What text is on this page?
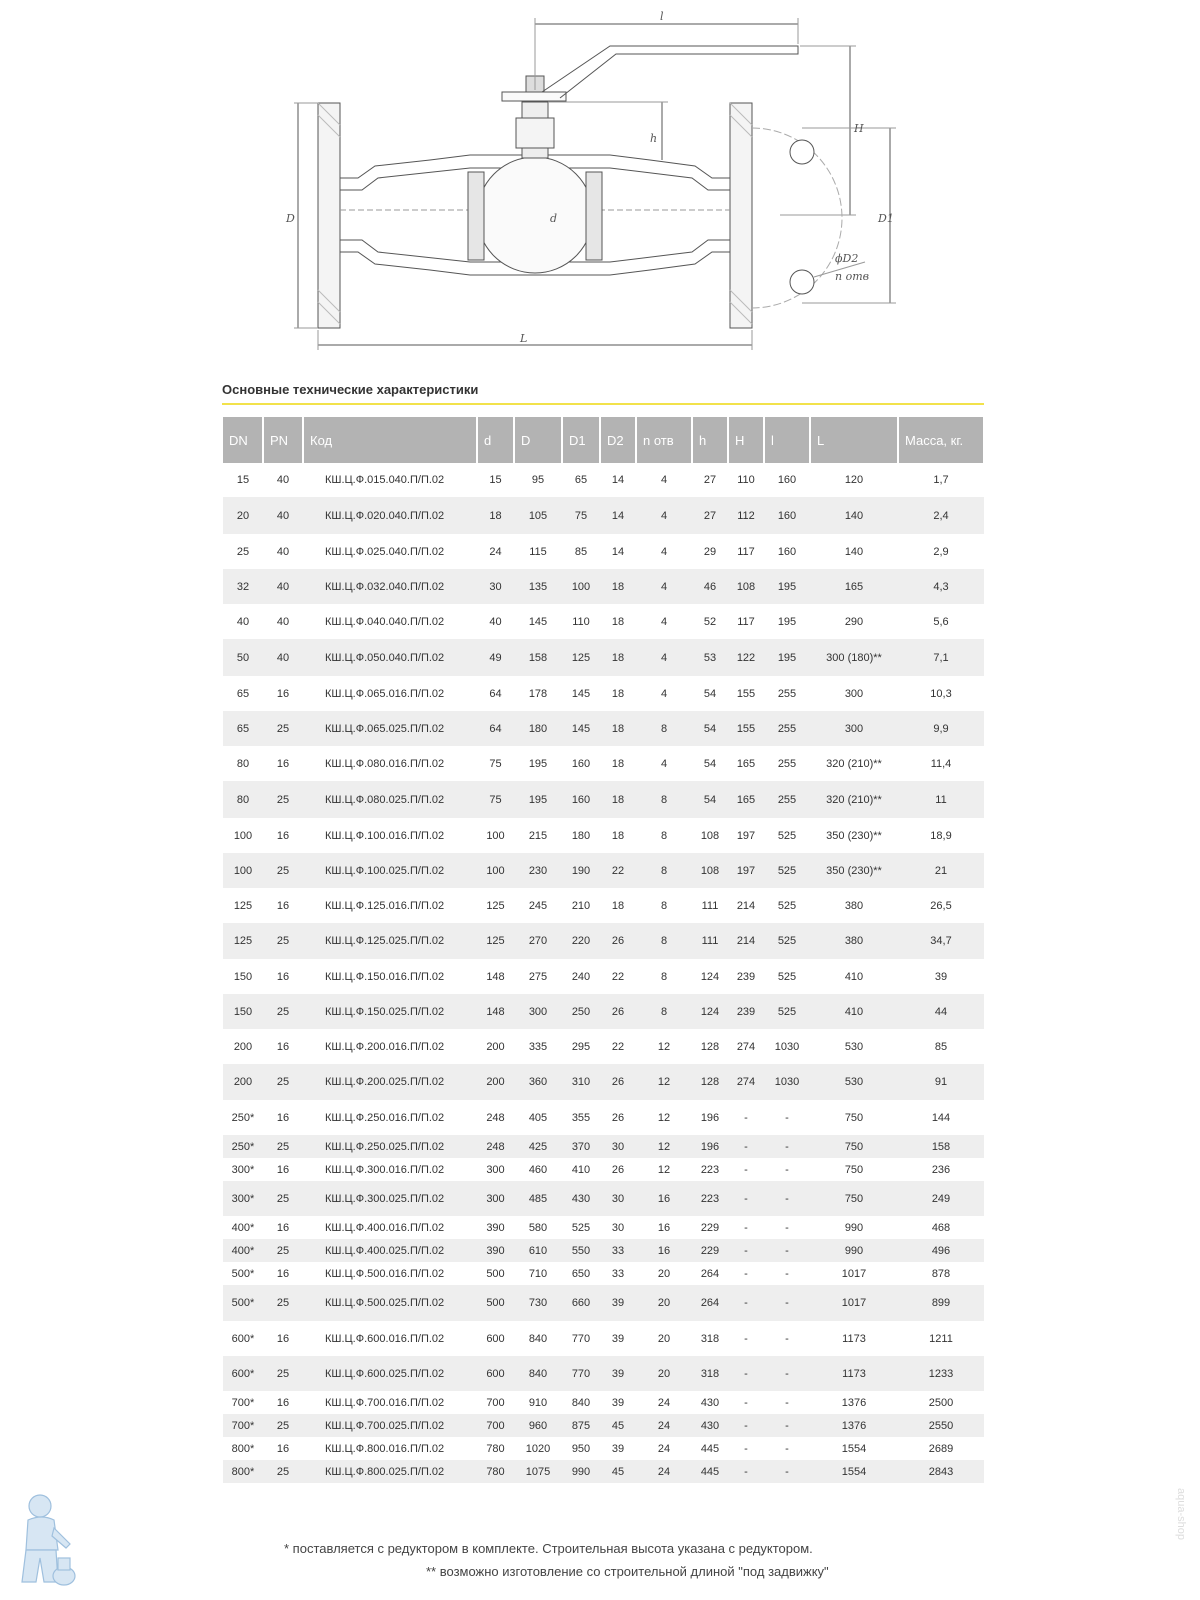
l
L
D	d
h
H
D1
ϕD2
n отв
Основные технические характеристики
DN	PN	Код	d	D	D1	D2	n отв	h	H	l	L	Масса, кг.
15	40	КШ.Ц.Ф.015.040.П/П.02	15	95	65	14	4	27	110	160	120	1,7
20	40	КШ.Ц.Ф.020.040.П/П.02	18	105	75	14	4	27	112	160	140	2,4
25	40	КШ.Ц.Ф.025.040.П/П.02	24	115	85	14	4	29	117	160	140	2,9
32	40	КШ.Ц.Ф.032.040.П/П.02	30	135	100	18	4	46	108	195	165	4,3
40	40	КШ.Ц.Ф.040.040.П/П.02	40	145	110	18	4	52	117	195	290	5,6
50	40	КШ.Ц.Ф.050.040.П/П.02	49	158	125	18	4	53	122	195	300 (180)**	7,1
65	16	КШ.Ц.Ф.065.016.П/П.02	64	178	145	18	4	54	155	255	300	10,3
65	25	КШ.Ц.Ф.065.025.П/П.02	64	180	145	18	8	54	155	255	300	9,9
80	16	КШ.Ц.Ф.080.016.П/П.02	75	195	160	18	4	54	165	255	320 (210)**	11,4
80	25	КШ.Ц.Ф.080.025.П/П.02	75	195	160	18	8	54	165	255	320 (210)**	11
100	16	КШ.Ц.Ф.100.016.П/П.02	100	215	180	18	8	108	197	525	350 (230)**	18,9
100	25	КШ.Ц.Ф.100.025.П/П.02	100	230	190	22	8	108	197	525	350 (230)**	21
125	16	КШ.Ц.Ф.125.016.П/П.02	125	245	210	18	8	111	214	525	380	26,5
125	25	КШ.Ц.Ф.125.025.П/П.02	125	270	220	26	8	111	214	525	380	34,7
150	16	КШ.Ц.Ф.150.016.П/П.02	148	275	240	22	8	124	239	525	410	39
150	25	КШ.Ц.Ф.150.025.П/П.02	148	300	250	26	8	124	239	525	410	44
200	16	КШ.Ц.Ф.200.016.П/П.02	200	335	295	22	12	128	274	1030	530	85
200	25	КШ.Ц.Ф.200.025.П/П.02	200	360	310	26	12	128	274	1030	530	91
250*	16	КШ.Ц.Ф.250.016.П/П.02	248	405	355	26	12	196	-	-	750	144
250*	25	КШ.Ц.Ф.250.025.П/П.02	248	425	370	30	12	196	-	-	750	158
300*	16	КШ.Ц.Ф.300.016.П/П.02	300	460	410	26	12	223	-	-	750	236
300*	25	КШ.Ц.Ф.300.025.П/П.02	300	485	430	30	16	223	-	-	750	249
400*	16	КШ.Ц.Ф.400.016.П/П.02	390	580	525	30	16	229	-	-	990	468
400*	25	КШ.Ц.Ф.400.025.П/П.02	390	610	550	33	16	229	-	-	990	496
500*	16	КШ.Ц.Ф.500.016.П/П.02	500	710	650	33	20	264	-	-	1017	878
500*	25	КШ.Ц.Ф.500.025.П/П.02	500	730	660	39	20	264	-	-	1017	899
600*	16	КШ.Ц.Ф.600.016.П/П.02	600	840	770	39	20	318	-	-	1173	1211
600*	25	КШ.Ц.Ф.600.025.П/П.02	600	840	770	39	20	318	-	-	1173	1233
700*	16	КШ.Ц.Ф.700.016.П/П.02	700	910	840	39	24	430	-	-	1376	2500
700*	25	КШ.Ц.Ф.700.025.П/П.02	700	960	875	45	24	430	-	-	1376	2550
800*	16	КШ.Ц.Ф.800.016.П/П.02	780	1020	950	39	24	445	-	-	1554	2689
800*	25	КШ.Ц.Ф.800.025.П/П.02	780	1075	990	45	24	445	-	-	1554	2843
* поставляется с редуктором в комплекте. Строительная высота указана с редуктором.
** возможно изготовление со строительной длиной "под задвижку"
aqua-shop
